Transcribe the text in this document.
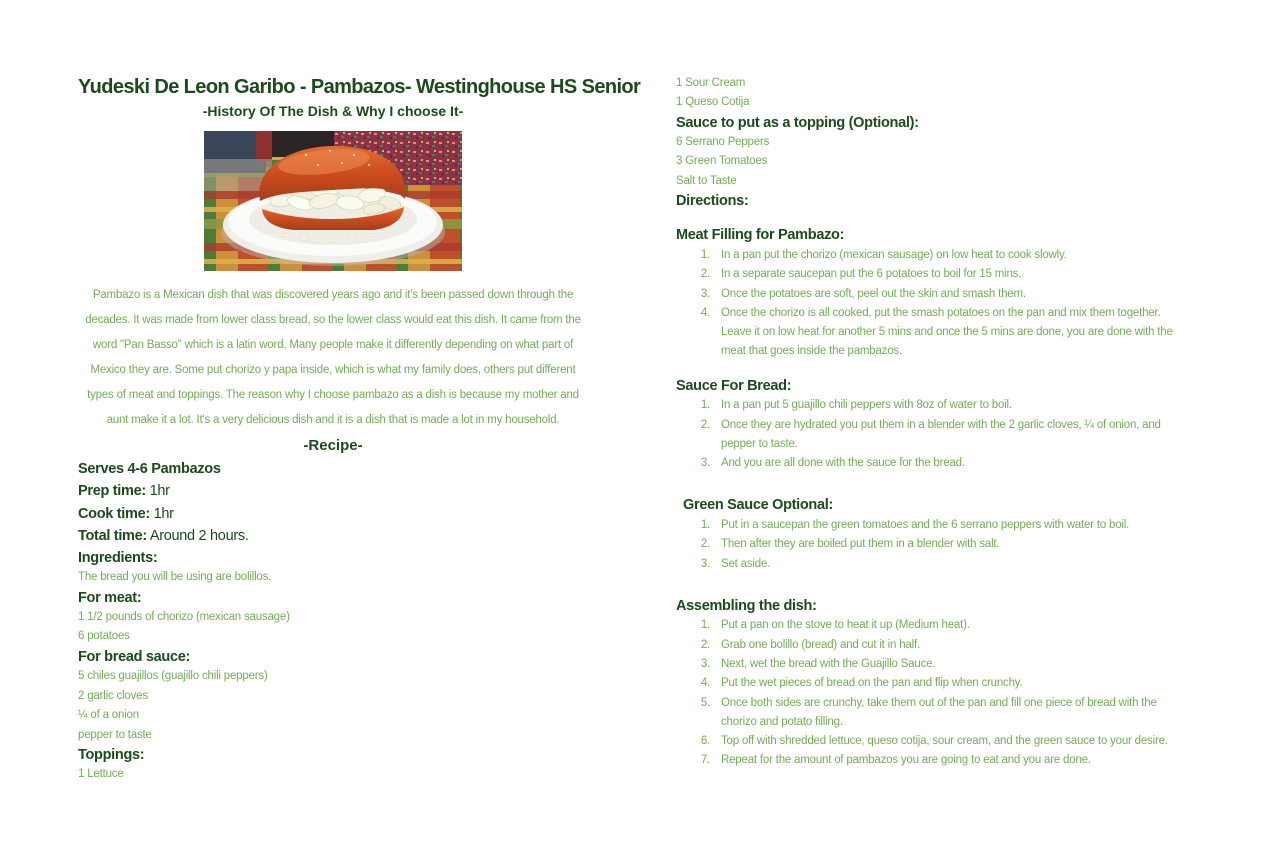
Yudeski De Leon Garibo - Pambazos- Westinghouse HS Senior
-History Of The Dish & Why I choose It-
Pambazo is a Mexican dish that was discovered years ago and it's been passed down through the
decades. It was made from lower class bread, so the lower class would eat this dish. It came from the
word "Pan Basso" which is a latin word. Many people make it differently depending on what part of
Mexico they are. Some put chorizo y papa inside, which is what my family does, others put different
types of meat and toppings. The reason why I choose pambazo as a dish is because my mother and
aunt make it a lot. It's a very delicious dish and it is a dish that is made a lot in my household.
-Recipe-
Serves 4-6 Pambazos
Prep time: 1hr
Cook time: 1hr
Total time: Around 2 hours.
Ingredients:
The bread you will be using are bolillos.
For meat:
1 1/2 pounds of chorizo (mexican sausage)
6 potatoes
For bread sauce:
5 chiles guajillos (guajillo chili peppers)
2 garlic cloves
¼ of a onion
pepper to taste
Toppings:
1 Lettuce
1 Sour Cream
1 Queso Cotija
Sauce to put as a topping (Optional):
6 Serrano Peppers
3 Green Tomatoes
Salt to Taste
Directions:
Meat Filling for Pambazo:
1. In a pan put the chorizo (mexican sausage) on low heat to cook slowly.
2. In a separate saucepan put the 6 potatoes to boil for 15 mins.
3. Once the potatoes are soft, peel out the skin and smash them.
4. Once the chorizo is all cooked, put the smash potatoes on the pan and mix them together. Leave it on low heat for another 5 mins and once the 5 mins are done, you are done with the meat that goes inside the pambazos.
Sauce For Bread:
1. In a pan put 5 guajillo chili peppers with 8oz of water to boil.
2. Once they are hydrated you put them in a blender with the 2 garlic cloves, ¼ of onion, and pepper to taste.
3. And you are all done with the sauce for the bread.
Green Sauce Optional:
1. Put in a saucepan the green tomatoes and the 6 serrano peppers with water to boil.
2. Then after they are boiled put them in a blender with salt.
3. Set aside.
Assembling the dish:
1. Put a pan on the stove to heat it up (Medium heat).
2. Grab one bolillo (bread) and cut it in half.
3. Next, wet the bread with the Guajillo Sauce.
4. Put the wet pieces of bread on the pan and flip when crunchy.
5. Once both sides are crunchy, take them out of the pan and fill one piece of bread with the chorizo and potato filling.
6. Top off with shredded lettuce, queso cotija, sour cream, and the green sauce to your desire.
7. Repeat for the amount of pambazos you are going to eat and you are done.
